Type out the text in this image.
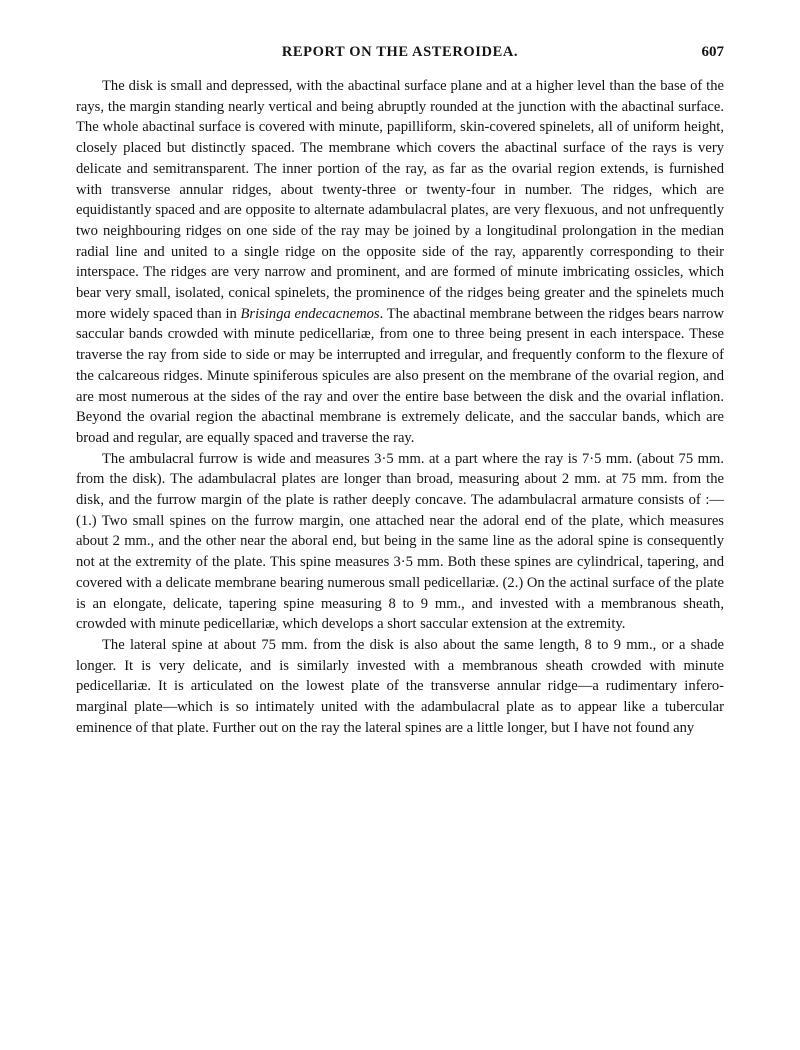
REPORT ON THE ASTEROIDEA.	607

The disk is small and depressed, with the abactinal surface plane and at a higher level than the base of the rays, the margin standing nearly vertical and being abruptly rounded at the junction with the abactinal surface. The whole abactinal surface is covered with minute, papilliform, skin-covered spinelets, all of uniform height, closely placed but distinctly spaced. The membrane which covers the abactinal surface of the rays is very delicate and semitransparent. The inner portion of the ray, as far as the ovarial region extends, is furnished with transverse annular ridges, about twenty-three or twenty-four in number. The ridges, which are equidistantly spaced and are opposite to alternate adambulacral plates, are very flexuous, and not unfrequently two neighbouring ridges on one side of the ray may be joined by a longitudinal prolongation in the median radial line and united to a single ridge on the opposite side of the ray, apparently corresponding to their interspace. The ridges are very narrow and prominent, and are formed of minute imbricating ossicles, which bear very small, isolated, conical spinelets, the prominence of the ridges being greater and the spinelets much more widely spaced than in Brisinga endecacnemos. The abactinal membrane between the ridges bears narrow saccular bands crowded with minute pedicellariæ, from one to three being present in each interspace. These traverse the ray from side to side or may be interrupted and irregular, and frequently conform to the flexure of the calcareous ridges. Minute spiniferous spicules are also present on the membrane of the ovarial region, and are most numerous at the sides of the ray and over the entire base between the disk and the ovarial inflation. Beyond the ovarial region the abactinal membrane is extremely delicate, and the saccular bands, which are broad and regular, are equally spaced and traverse the ray.

The ambulacral furrow is wide and measures 3·5 mm. at a part where the ray is 7·5 mm. (about 75 mm. from the disk). The adambulacral plates are longer than broad, measuring about 2 mm. at 75 mm. from the disk, and the furrow margin of the plate is rather deeply concave. The adambulacral armature consists of :—(1.) Two small spines on the furrow margin, one attached near the adoral end of the plate, which measures about 2 mm., and the other near the aboral end, but being in the same line as the adoral spine is consequently not at the extremity of the plate. This spine measures 3·5 mm. Both these spines are cylindrical, tapering, and covered with a delicate membrane bearing numerous small pedicellariæ. (2.) On the actinal surface of the plate is an elongate, delicate, tapering spine measuring 8 to 9 mm., and invested with a membranous sheath, crowded with minute pedicellariæ, which develops a short saccular extension at the extremity.

The lateral spine at about 75 mm. from the disk is also about the same length, 8 to 9 mm., or a shade longer. It is very delicate, and is similarly invested with a membranous sheath crowded with minute pedicellariæ. It is articulated on the lowest plate of the transverse annular ridge—a rudimentary infero-marginal plate—which is so intimately united with the adambulacral plate as to appear like a tubercular eminence of that plate. Further out on the ray the lateral spines are a little longer, but I have not found any
